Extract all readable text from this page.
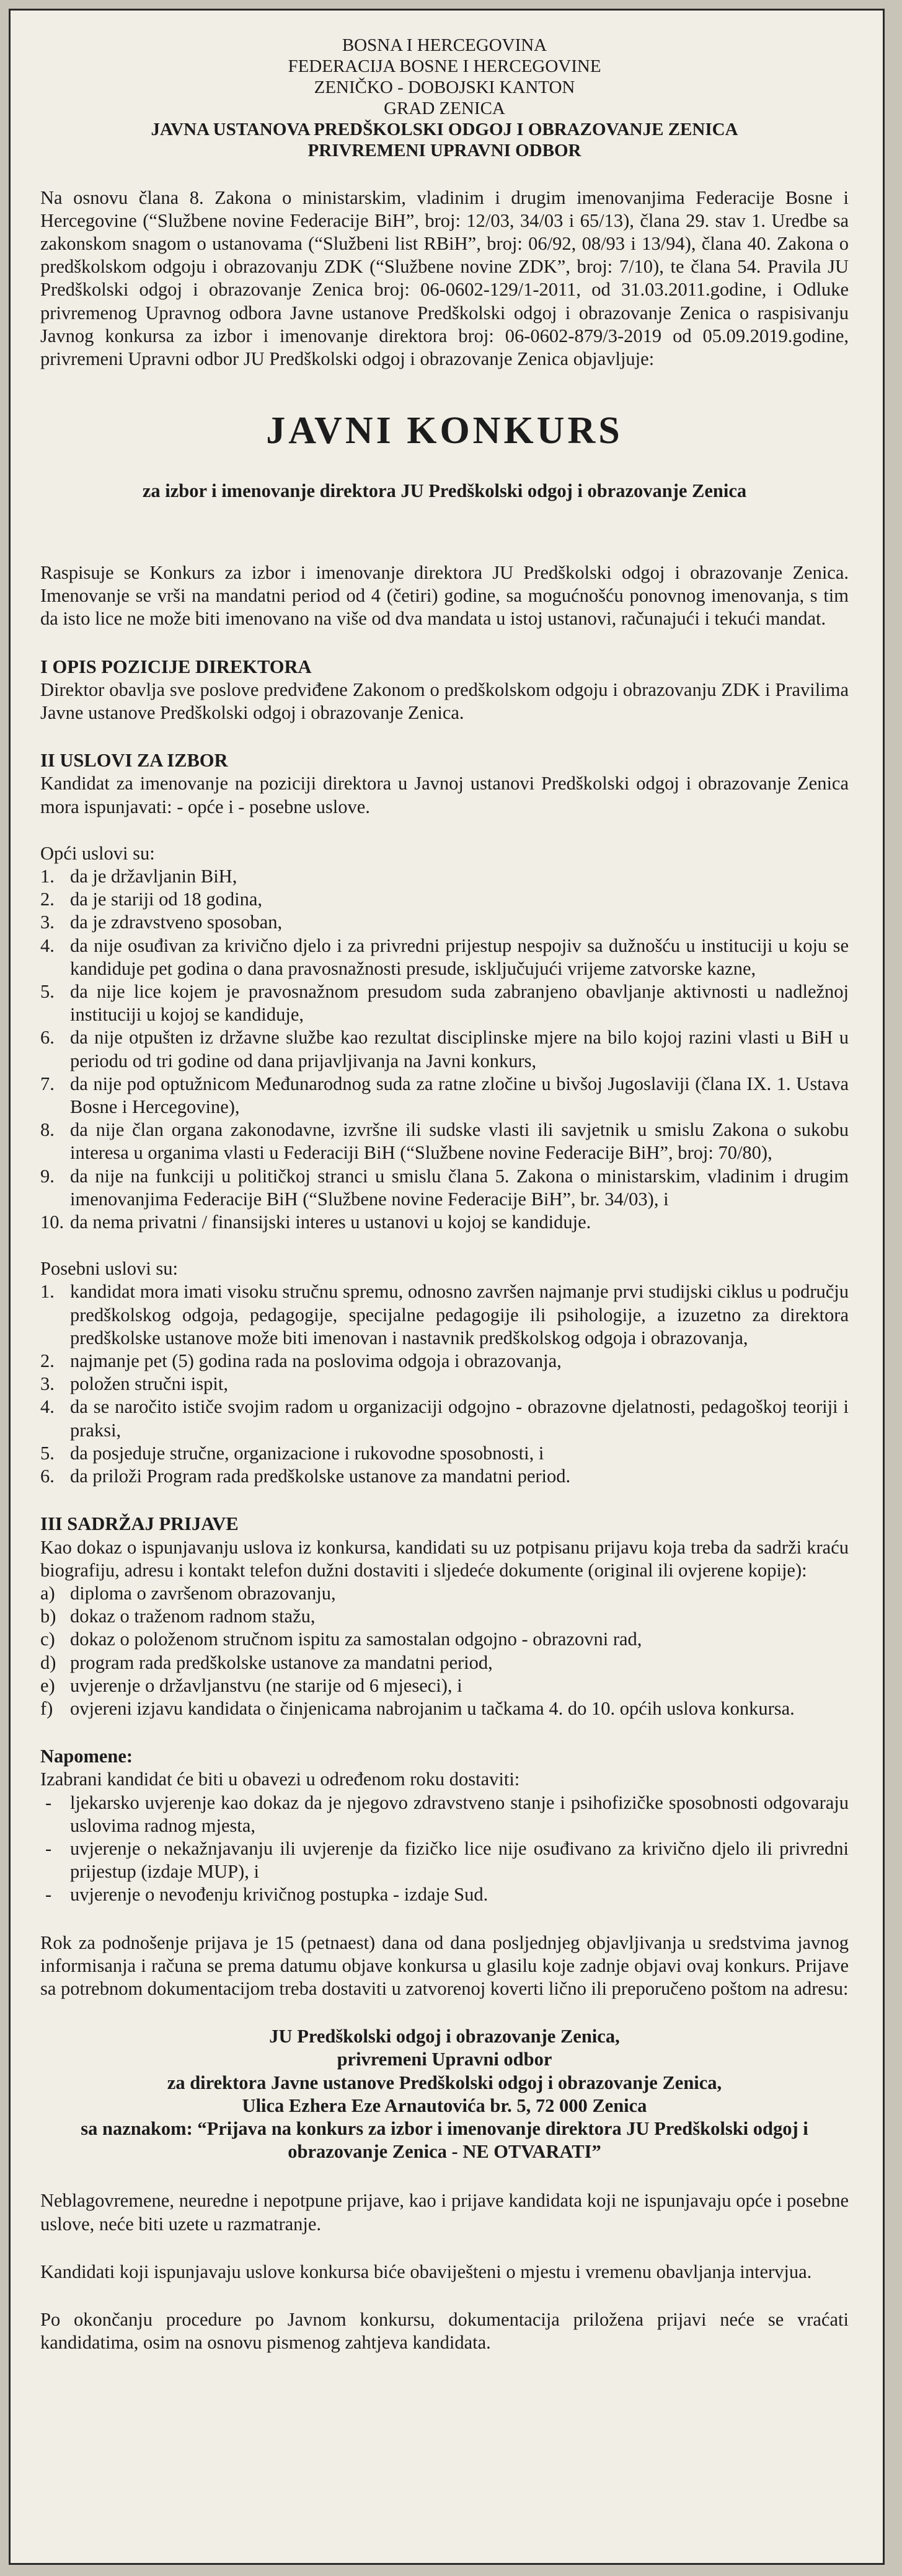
BOSNA I HERCEGOVINA
FEDERACIJA BOSNE I HERCEGOVINE
ZENIČKO - DOBOJSKI KANTON
GRAD ZENICA
JAVNA USTANOVA PREDŠKOLSKI ODGOJ I OBRAZOVANJE ZENICA
PRIVREMENI UPRAVNI ODBOR

Na osnovu člana 8. Zakona o ministarskim, vladinim i drugim imenovanjima Federacije Bosne i Hercegovine (“Službene novine Federacije BiH”, broj: 12/03, 34/03 i 65/13), člana 29. stav 1. Uredbe sa zakonskom snagom o ustanovama (“Službeni list RBiH”, broj: 06/92, 08/93 i 13/94), člana 40. Zakona o predškolskom odgoju i obrazovanju ZDK (“Službene novine ZDK”, broj: 7/10), te člana 54. Pravila JU Predškolski odgoj i obrazovanje Zenica broj: 06-0602-129/1-2011, od 31.03.2011.godine, i Odluke privremenog Upravnog odbora Javne ustanove Predškolski odgoj i obrazovanje Zenica o raspisivanju Javnog konkursa za izbor i imenovanje direktora broj: 06-0602-879/3-2019 od 05.09.2019.godine, privremeni Upravni odbor JU Predškolski odgoj i obrazovanje Zenica objavljuje:

JAVNI KONKURS
za izbor i imenovanje direktora JU Predškolski odgoj i obrazovanje Zenica

Raspisuje se Konkurs za izbor i imenovanje direktora JU Predškolski odgoj i obrazovanje Zenica. Imenovanje se vrši na mandatni period od 4 (četiri) godine, sa mogućnošću ponovnog imenovanja, s tim da isto lice ne može biti imenovano na više od dva mandata u istoj ustanovi, računajući i tekući mandat.

I OPIS POZICIJE DIREKTORA

Direktor obavlja sve poslove predviđene Zakonom o predškolskom odgoju i obrazovanju ZDK i Pravilima Javne ustanove Predškolski odgoj i obrazovanje Zenica.

II USLOVI ZA IZBOR

Kandidat za imenovanje na poziciji direktora u Javnoj ustanovi Predškolski odgoj i obrazovanje Zenica mora ispunjavati: - opće i - posebne uslove.

Opći uslovi su:
1. da je državljanin BiH,
2. da je stariji od 18 godina,
3. da je zdravstveno sposoban,
4. da nije osuđivan za krivično djelo i za privredni prijestup nespojiv sa dužnošću u instituciji u koju se kandiduje pet godina o dana pravosnažnosti presude, isključujući vrijeme zatvorske kazne,
5. da nije lice kojem je pravosnažnom presudom suda zabranjeno obavljanje aktivnosti u nadležnoj instituciji u kojoj se kandiduje,
6. da nije otpušten iz državne službe kao rezultat disciplinske mjere na bilo kojoj razini vlasti u BiH u periodu od tri godine od dana prijavljivanja na Javni konkurs,
7. da nije pod optužnicom Međunarodnog suda za ratne zločine u bivšoj Jugoslaviji (člana IX. 1. Ustava Bosne i Hercegovine),
8. da nije član organa zakonodavne, izvršne ili sudske vlasti ili savjetnik u smislu Zakona o sukobu interesa u organima vlasti u Federaciji BiH (“Službene novine Federacije BiH”, broj: 70/80),
9. da nije na funkciji u političkoj stranci u smislu člana 5. Zakona o ministarskim, vladinim i drugim imenovanjima Federacije BiH (“Službene novine Federacije BiH”, br. 34/03), i
10. da nema privatni / finansijski interes u ustanovi u kojoj se kandiduje.
Posebni uslovi su:
1. kandidat mora imati visoku stručnu spremu, odnosno završen najmanje prvi studijski ciklus u području predškolskog odgoja, pedagogije, specijalne pedagogije ili psihologije, a izuzetno za direktora predškolske ustanove može biti imenovan i nastavnik predškolskog odgoja i obrazovanja,
2. najmanje pet (5) godina rada na poslovima odgoja i obrazovanja,
3. položen stručni ispit,
4. da se naročito ističe svojim radom u organizaciji odgojno - obrazovne djelatnosti, pedagoškoj teoriji i praksi,
5. da posjeduje stručne, organizacione i rukovodne sposobnosti, i
6. da priloži Program rada predškolske ustanove za mandatni period.
III SADRŽAJ PRIJAVE

Kao dokaz o ispunjavanju uslova iz konkursa, kandidati su uz potpisanu prijavu koja treba da sadrži kraću biografiju, adresu i kontakt telefon dužni dostaviti i sljedeće dokumente (original ili ovjerene kopije):

a) diploma o završenom obrazovanju,
b) dokaz o traženom radnom stažu,
c) dokaz o položenom stručnom ispitu za samostalan odgojno - obrazovni rad,
d) program rada predškolske ustanove za mandatni period,
e) uvjerenje o državljanstvu (ne starije od 6 mjeseci), i
f) ovjereni izjavu kandidata o činjenicama nabrojanim u tačkama 4. do 10. općih uslova konkursa.
Napomene:

Izabrani kandidat će biti u obavezi u određenom roku dostaviti:

- ljekarsko uvjerenje kao dokaz da je njegovo zdravstveno stanje i psihofizičke sposobnosti odgovaraju uslovima radnog mjesta,
- uvjerenje o nekažnjavanju ili uvjerenje da fizičko lice nije osuđivano za krivično djelo ili privredni prijestup (izdaje MUP), i
- uvjerenje o nevođenju krivičnog postupka - izdaje Sud.

Rok za podnošenje prijava je 15 (petnaest) dana od dana posljednjeg objavljivanja u sredstvima javnog informisanja i računa se prema datumu objave konkursa u glasilu koje zadnje objavi ovaj konkurs. Prijave sa potrebnom dokumentacijom treba dostaviti u zatvorenoj koverti lično ili preporučeno poštom na adresu:

JU Predškolski odgoj i obrazovanje Zenica,
privremeni Upravni odbor
za direktora Javne ustanove Predškolski odgoj i obrazovanje Zenica,
Ulica Ezhera Eze Arnautovića br. 5, 72 000 Zenica
sa naznakom: “Prijava na konkurs za izbor i imenovanje direktora JU Predškolski odgoj i obrazovanje Zenica - NE OTVARATI”

Neblagovremene, neuredne i nepotpune prijave, kao i prijave kandidata koji ne ispunjavaju opće i posebne uslove, neće biti uzete u razmatranje.

Kandidati koji ispunjavaju uslove konkursa biće obaviješteni o mjestu i vremenu obavljanja intervjua.

Po okončanju procedure po Javnom konkursu, dokumentacija priložena prijavi neće se vraćati kandidatima, osim na osnovu pismenog zahtjeva kandidata.
